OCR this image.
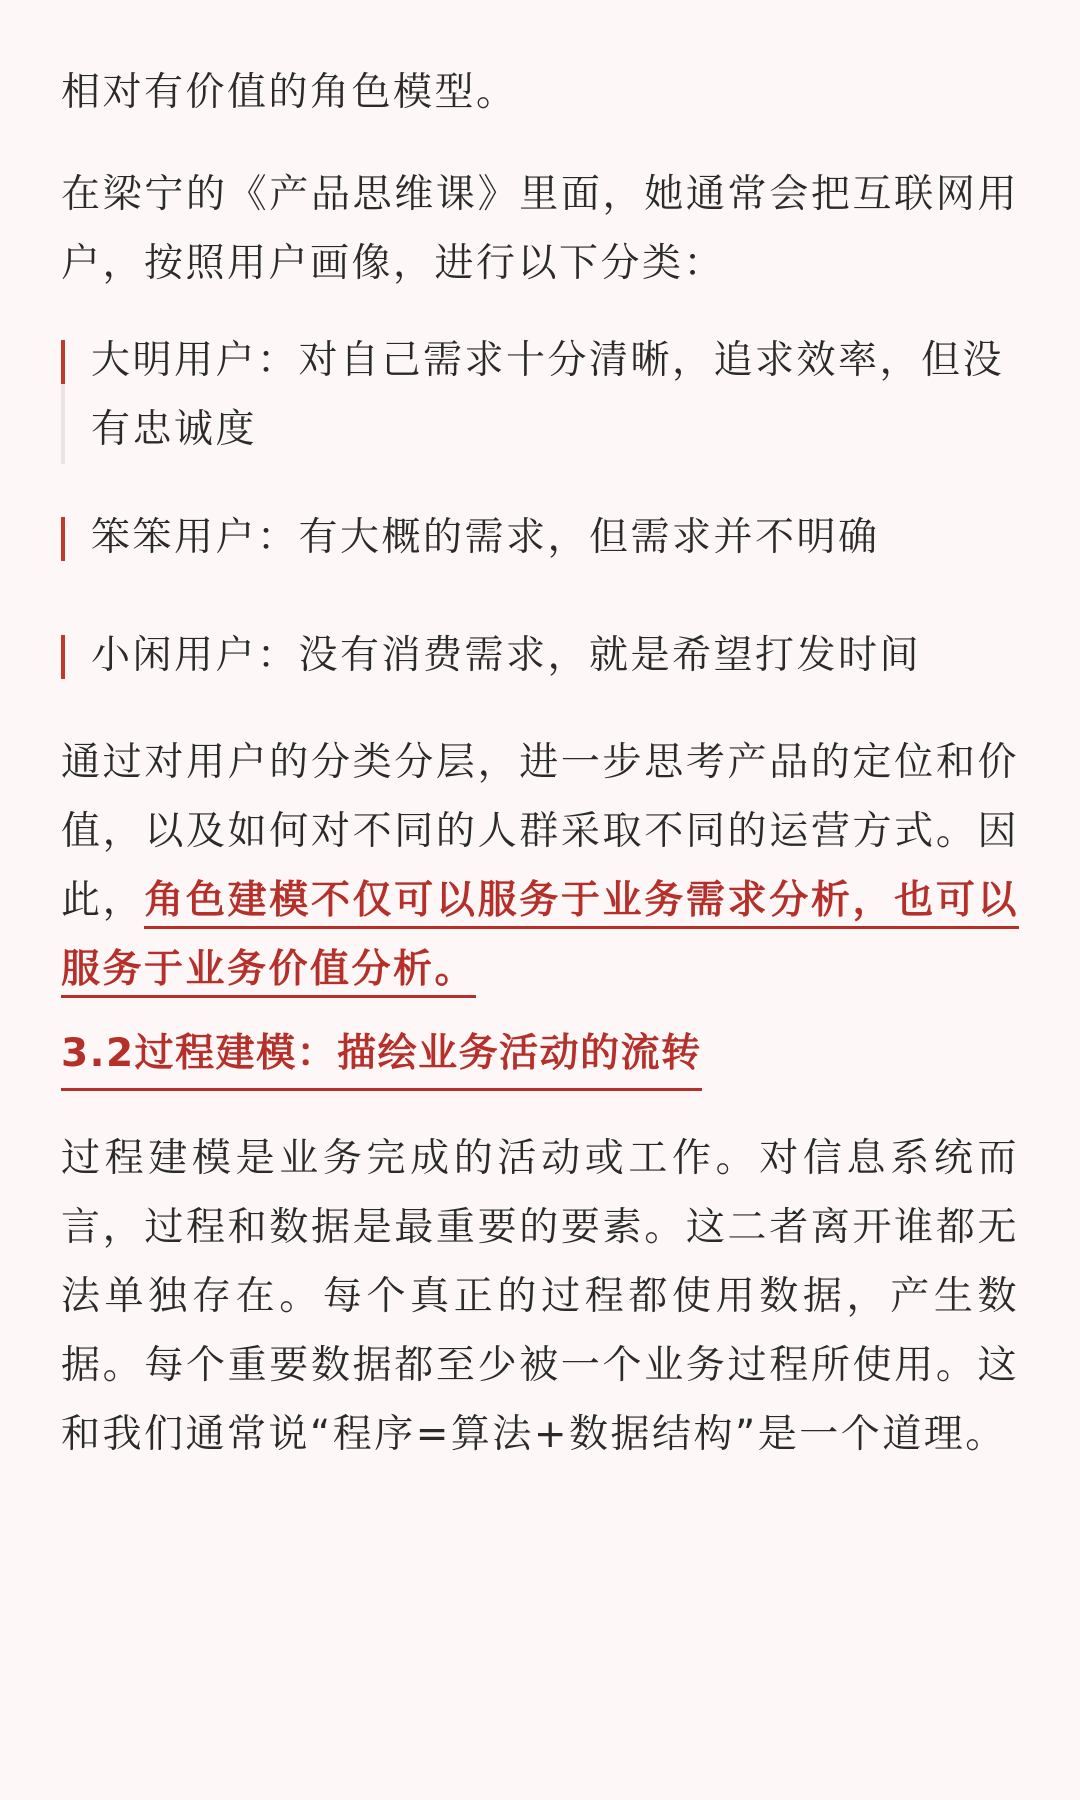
相对有价值的角色模型。

在梁宁的《产品思维课》里面，她通常会把互联网用户，按照用户画像，进行以下分类：

大明用户：对自己需求十分清晰，追求效率，但没有忠诚度
笨笨用户：有大概的需求，但需求并不明确
小闲用户：没有消费需求，就是希望打发时间

通过对用户的分类分层，进一步思考产品的定位和价值，以及如何对不同的人群采取不同的运营方式。因此，角色建模不仅可以服务于业务需求分析，也可以服务于业务价值分析。

3.2过程建模：描绘业务活动的流转

过程建模是业务完成的活动或工作。对信息系统而言，过程和数据是最重要的要素。这二者离开谁都无法单独存在。每个真正的过程都使用数据，产生数据。每个重要数据都至少被一个业务过程所使用。这和我们通常说“程序=算法+数据结构”是一个道理。
